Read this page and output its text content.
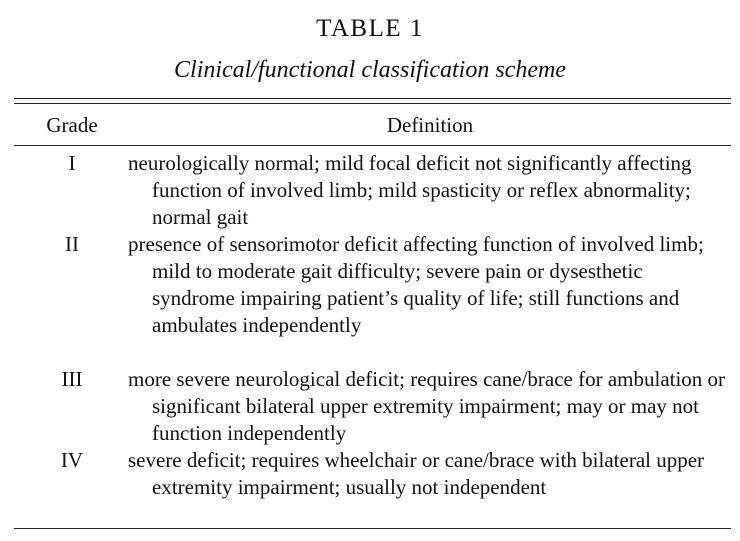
TABLE 1
Clinical/functional classification scheme
Grade	Definition
I	neurologically normal; mild focal deficit not significantly affecting function of involved limb; mild spasticity or reflex abnormality; normal gait
II	presence of sensorimotor deficit affecting function of involved limb; mild to moderate gait difficulty; severe pain or dysesthetic syndrome impairing patient’s quality of life; still functions and ambulates independently
III	more severe neurological deficit; requires cane/brace for ambulation or significant bilateral upper extremity impairment; may or may not function independently
IV	severe deficit; requires wheelchair or cane/brace with bilateral upper extremity impairment; usually not independent
